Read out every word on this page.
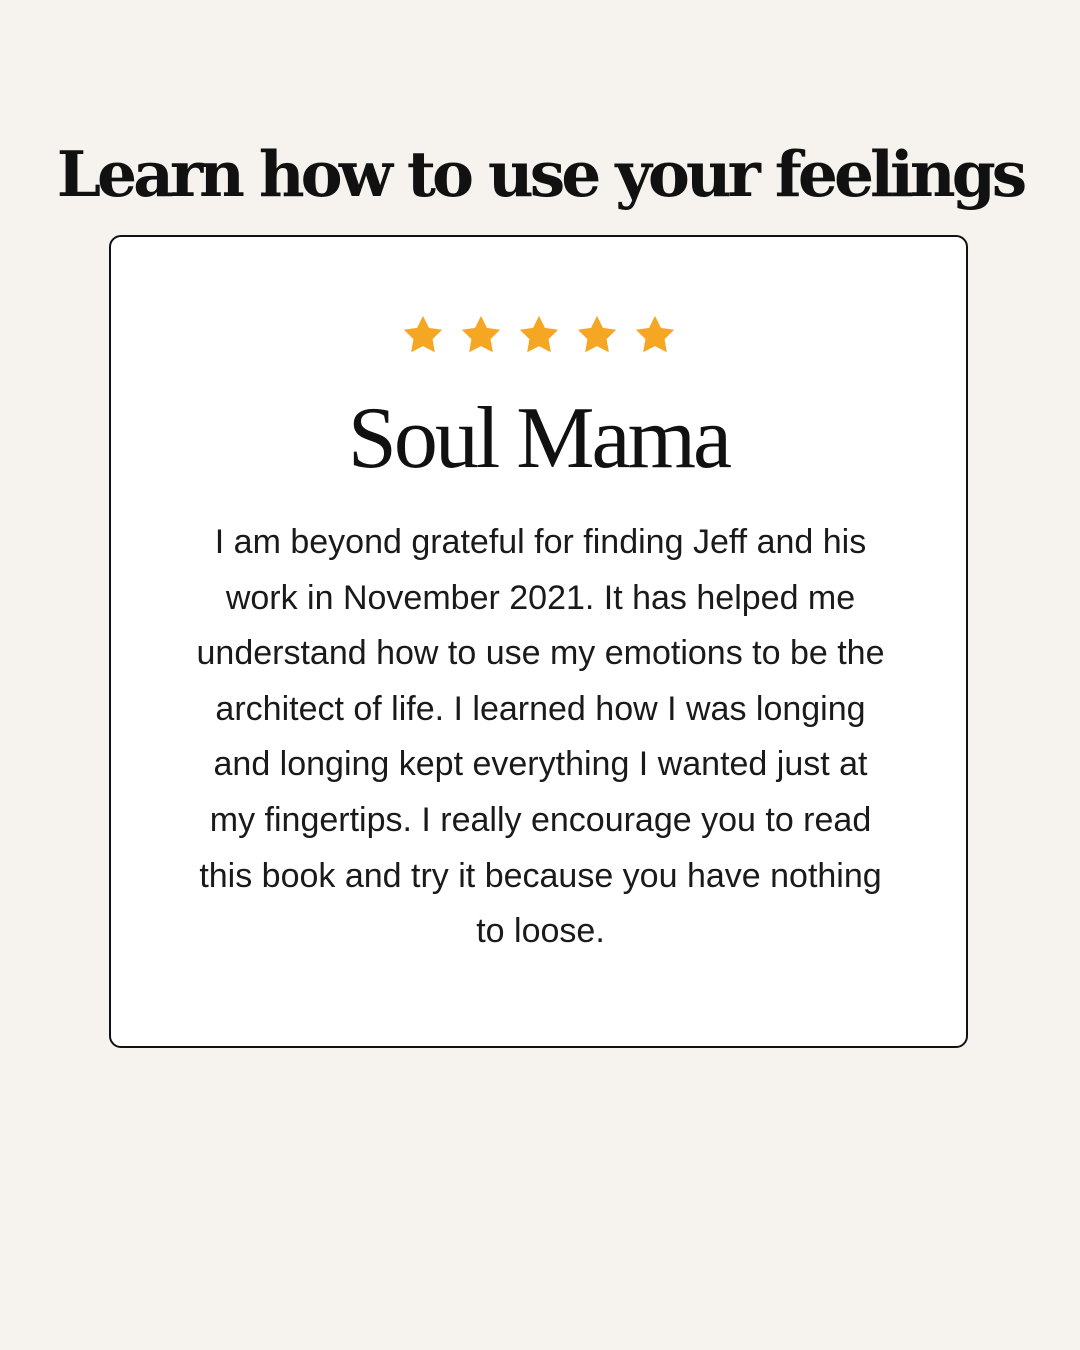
Learn how to use your feelings
Soul Mama

I am beyond grateful for finding Jeff and his work in November 2021. It has helped me understand how to use my emotions to be the architect of life. I learned how I was longing and longing kept everything I wanted just at my fingertips. I really encourage you to read this book and try it because you have nothing to loose.
